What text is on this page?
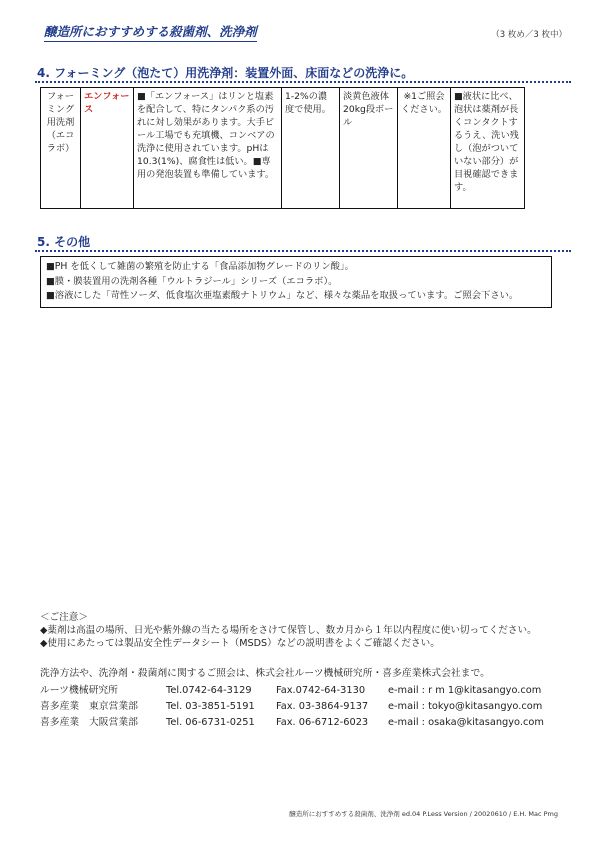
醸造所におすすめする殺菌剤、洗浄剤	（3 枚め／3 枚中）
4. フォーミング（泡たて）用洗浄剤：装置外面、床面などの洗浄に。
フォーミング用洗剤（エコラボ）	エンフォース	■「エンフォース」はリンと塩素を配合して、特にタンパク系の汚れに対し効果があります。大手ビール工場でも充填機、コンベアの洗浄に使用されています。pHは10.3(1%)、腐食性は低い。■専用の発泡装置も準備しています。	1-2%の濃度で使用。	淡黄色液体20kg段ボール	※1ご照会ください。	■液状に比べ、泡状は薬剤が長くコンタクトするうえ、洗い残し（泡がついていない部分）が目視確認できます。
5. その他
■PH を低くして雑菌の繁殖を防止する「食品添加物グレードのリン酸」。
■膜・膜装置用の洗剤各種「ウルトラジール」シリーズ（エコラボ）。
■溶液にした「苛性ソーダ、低食塩次亜塩素酸ナトリウム」など、様々な薬品を取扱っています。ご照会下さい。
＜ご注意＞
◆薬剤は高温の場所、日光や紫外線の当たる場所をさけて保管し、数カ月から１年以内程度に使い切ってください。
◆使用にあたっては製品安全性データシート（MSDS）などの説明書をよくご確認ください。
洗浄方法や、洗浄剤・殺菌剤に関するご照会は、株式会社ルーツ機械研究所・喜多産業株式会社まで。
ルーツ機械研究所	Tel.0742-64-3129 Fax.0742-64-3130 e-mail : r m 1@kitasangyo.com
喜多産業　東京営業部	Tel. 03-3851-5191 Fax. 03-3864-9137 e-mail : tokyo@kitasangyo.com
喜多産業　大阪営業部	Tel. 06-6731-0251 Fax. 06-6712-6023 e-mail : osaka@kitasangyo.com
醸造所におすすめする殺菌剤、洗浄剤 ed.04 P.Less Version / 20020610 / E.H. Mac Pmg
